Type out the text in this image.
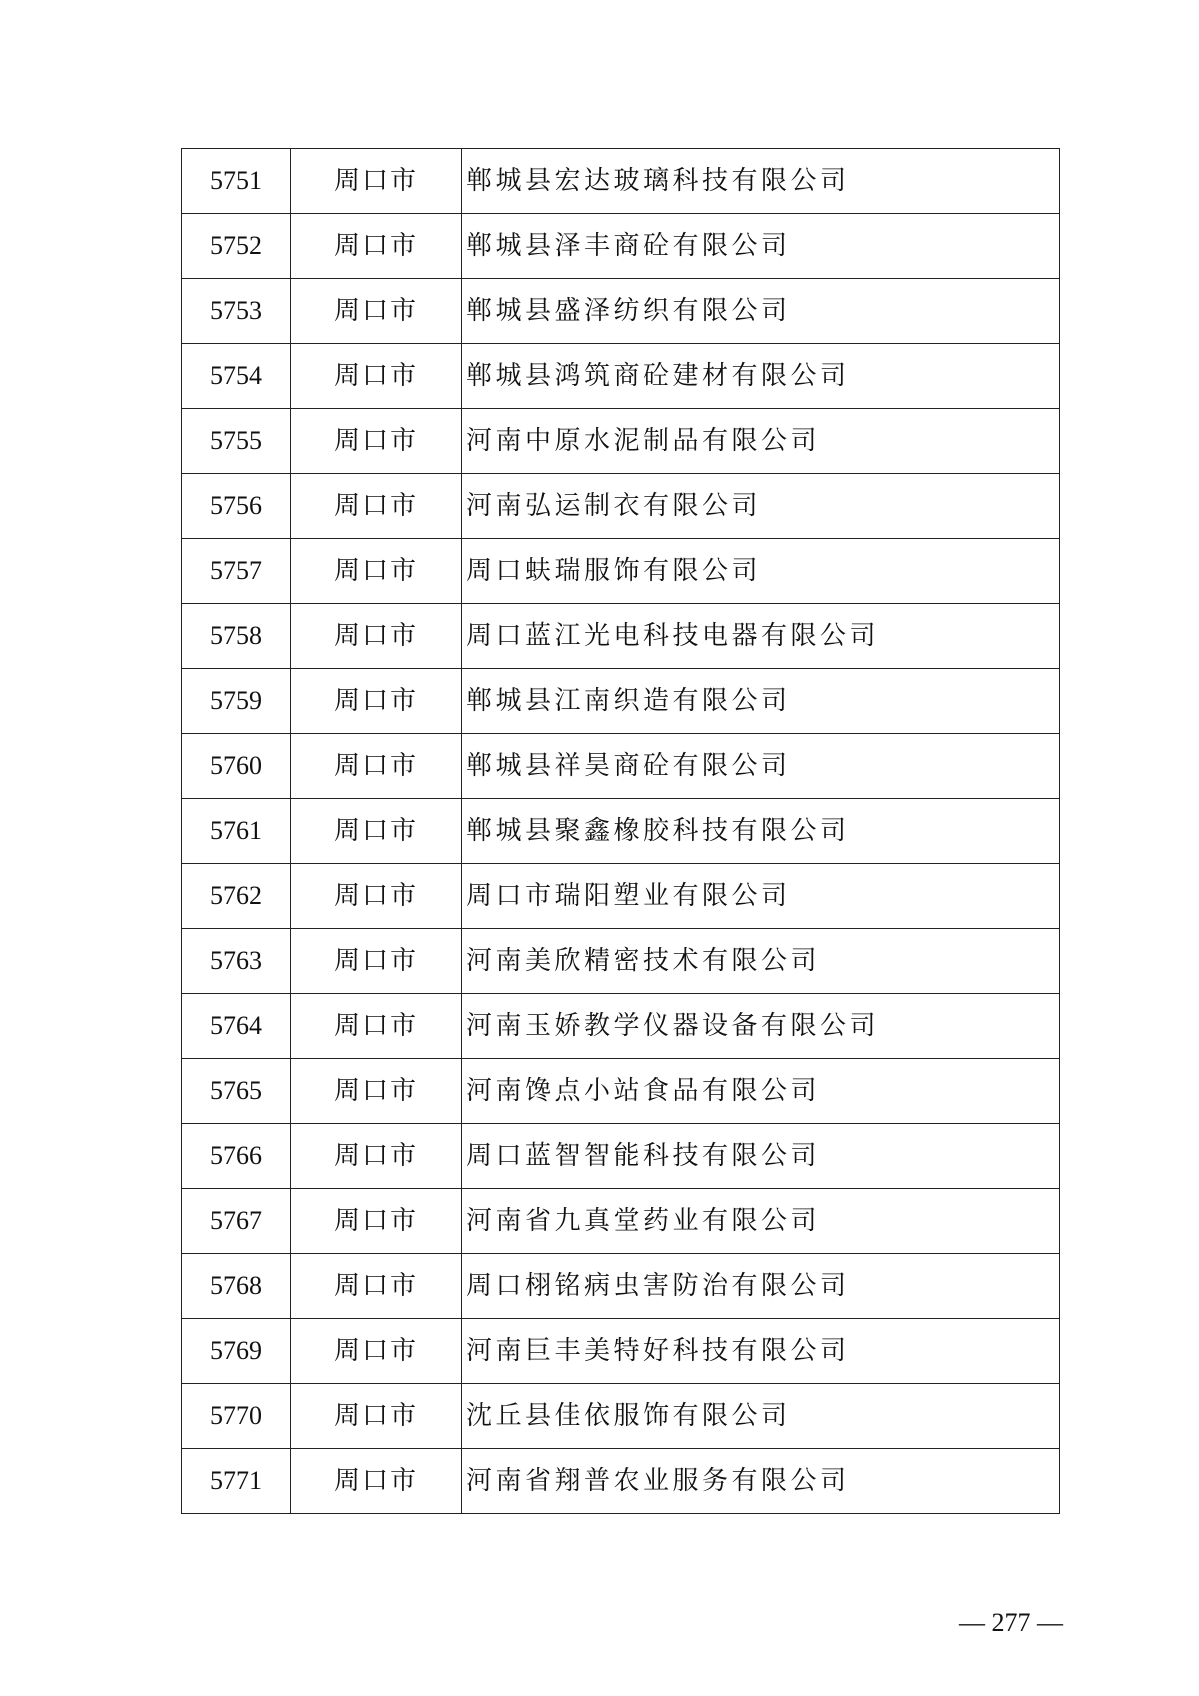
5751	周口市	郸城县宏达玻璃科技有限公司
5752	周口市	郸城县泽丰商砼有限公司
5753	周口市	郸城县盛泽纺织有限公司
5754	周口市	郸城县鸿筑商砼建材有限公司
5755	周口市	河南中原水泥制品有限公司
5756	周口市	河南弘运制衣有限公司
5757	周口市	周口蚨瑞服饰有限公司
5758	周口市	周口蓝江光电科技电器有限公司
5759	周口市	郸城县江南织造有限公司
5760	周口市	郸城县祥昊商砼有限公司
5761	周口市	郸城县聚鑫橡胶科技有限公司
5762	周口市	周口市瑞阳塑业有限公司
5763	周口市	河南美欣精密技术有限公司
5764	周口市	河南玉娇教学仪器设备有限公司
5765	周口市	河南馋点小站食品有限公司
5766	周口市	周口蓝智智能科技有限公司
5767	周口市	河南省九真堂药业有限公司
5768	周口市	周口栩铭病虫害防治有限公司
5769	周口市	河南巨丰美特好科技有限公司
5770	周口市	沈丘县佳依服饰有限公司
5771	周口市	河南省翔普农业服务有限公司
— 277 —
